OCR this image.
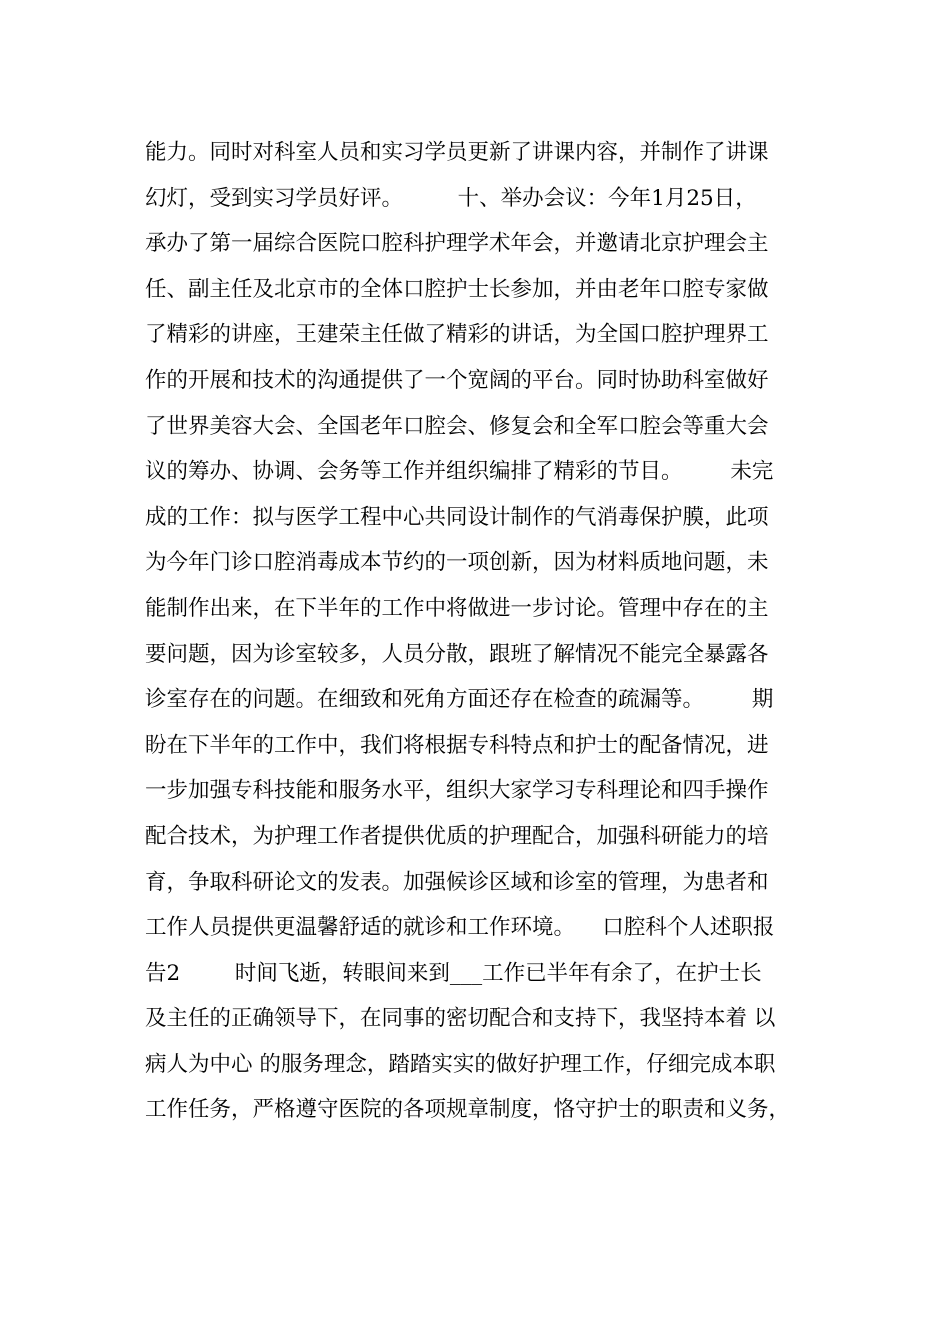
能力。同时对科室人员和实习学员更新了讲课内容，并制作了讲课
幻灯，受到实习学员好评。        十、举办会议：今年1月25日，
承办了第一届综合医院口腔科护理学术年会，并邀请北京护理会主
任、副主任及北京市的全体口腔护士长参加，并由老年口腔专家做
了精彩的讲座，王建荣主任做了精彩的讲话，为全国口腔护理界工
作的开展和技术的沟通提供了一个宽阔的平台。同时协助科室做好
了世界美容大会、全国老年口腔会、修复会和全军口腔会等重大会
议的筹办、协调、会务等工作并组织编排了精彩的节目。       未完
成的工作：拟与医学工程中心共同设计制作的气消毒保护膜，此项
为今年门诊口腔消毒成本节约的一项创新，因为材料质地问题，未
能制作出来，在下半年的工作中将做进一步讨论。管理中存在的主
要问题，因为诊室较多，人员分散，跟班了解情况不能完全暴露各
诊室存在的问题。在细致和死角方面还存在检查的疏漏等。       期
盼在下半年的工作中，我们将根据专科特点和护士的配备情况，进
一步加强专科技能和服务水平，组织大家学习专科理论和四手操作
配合技术，为护理工作者提供优质的护理配合，加强科研能力的培
育，争取科研论文的发表。加强候诊区域和诊室的管理，为患者和
工作人员提供更温馨舒适的就诊和工作环境。    口腔科个人述职报
告2        时间飞逝，转眼间来到___工作已半年有余了，在护士长
及主任的正确领导下，在同事的密切配合和支持下，我坚持本着 以
病人为中心 的服务理念，踏踏实实的做好护理工作，仔细完成本职
工作任务，严格遵守医院的各项规章制度，恪守护士的职责和义务，
